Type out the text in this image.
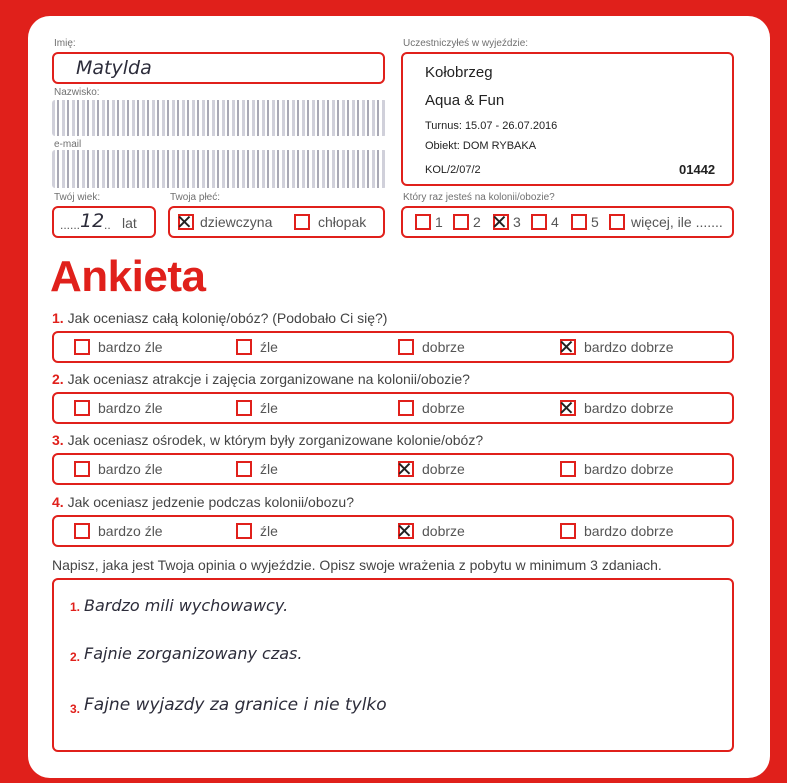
Imię:
Matylda
Nazwisko:
e-mail
Twój wiek:
...... 12 .. lat
Twoja płeć:
✕ dziewczyna	chłopak
Uczestniczyłeś w wyjeździe:
Kołobrzeg
Aqua & Fun
Turnus: 15.07 - 26.07.2016
Obiekt: DOM RYBAKA
KOL/2/07/2	01442
Który raz jesteś na kolonii/obozie?
1 2 ✕ 3 4 5 więcej, ile .......
Ankieta
1. Jak oceniasz całą kolonię/obóz? (Podobało Ci się?)
bardzo źle	źle	dobrze	✕ bardzo dobrze
2. Jak oceniasz atrakcje i zajęcia zorganizowane na kolonii/obozie?
bardzo źle	źle	dobrze	✕ bardzo dobrze
3. Jak oceniasz ośrodek, w którym były zorganizowane kolonie/obóz?
bardzo źle	źle	✕ dobrze	bardzo dobrze
4. Jak oceniasz jedzenie podczas kolonii/obozu?
bardzo źle	źle	✕ dobrze	bardzo dobrze
Napisz, jaka jest Twoja opinia o wyjeździe. Opisz swoje wrażenia z pobytu w minimum 3 zdaniach.
1. Bardzo mili wychowawcy.
2. Fajnie zorganizowany czas.
3. Fajne wyjazdy za granice i nie tylko
